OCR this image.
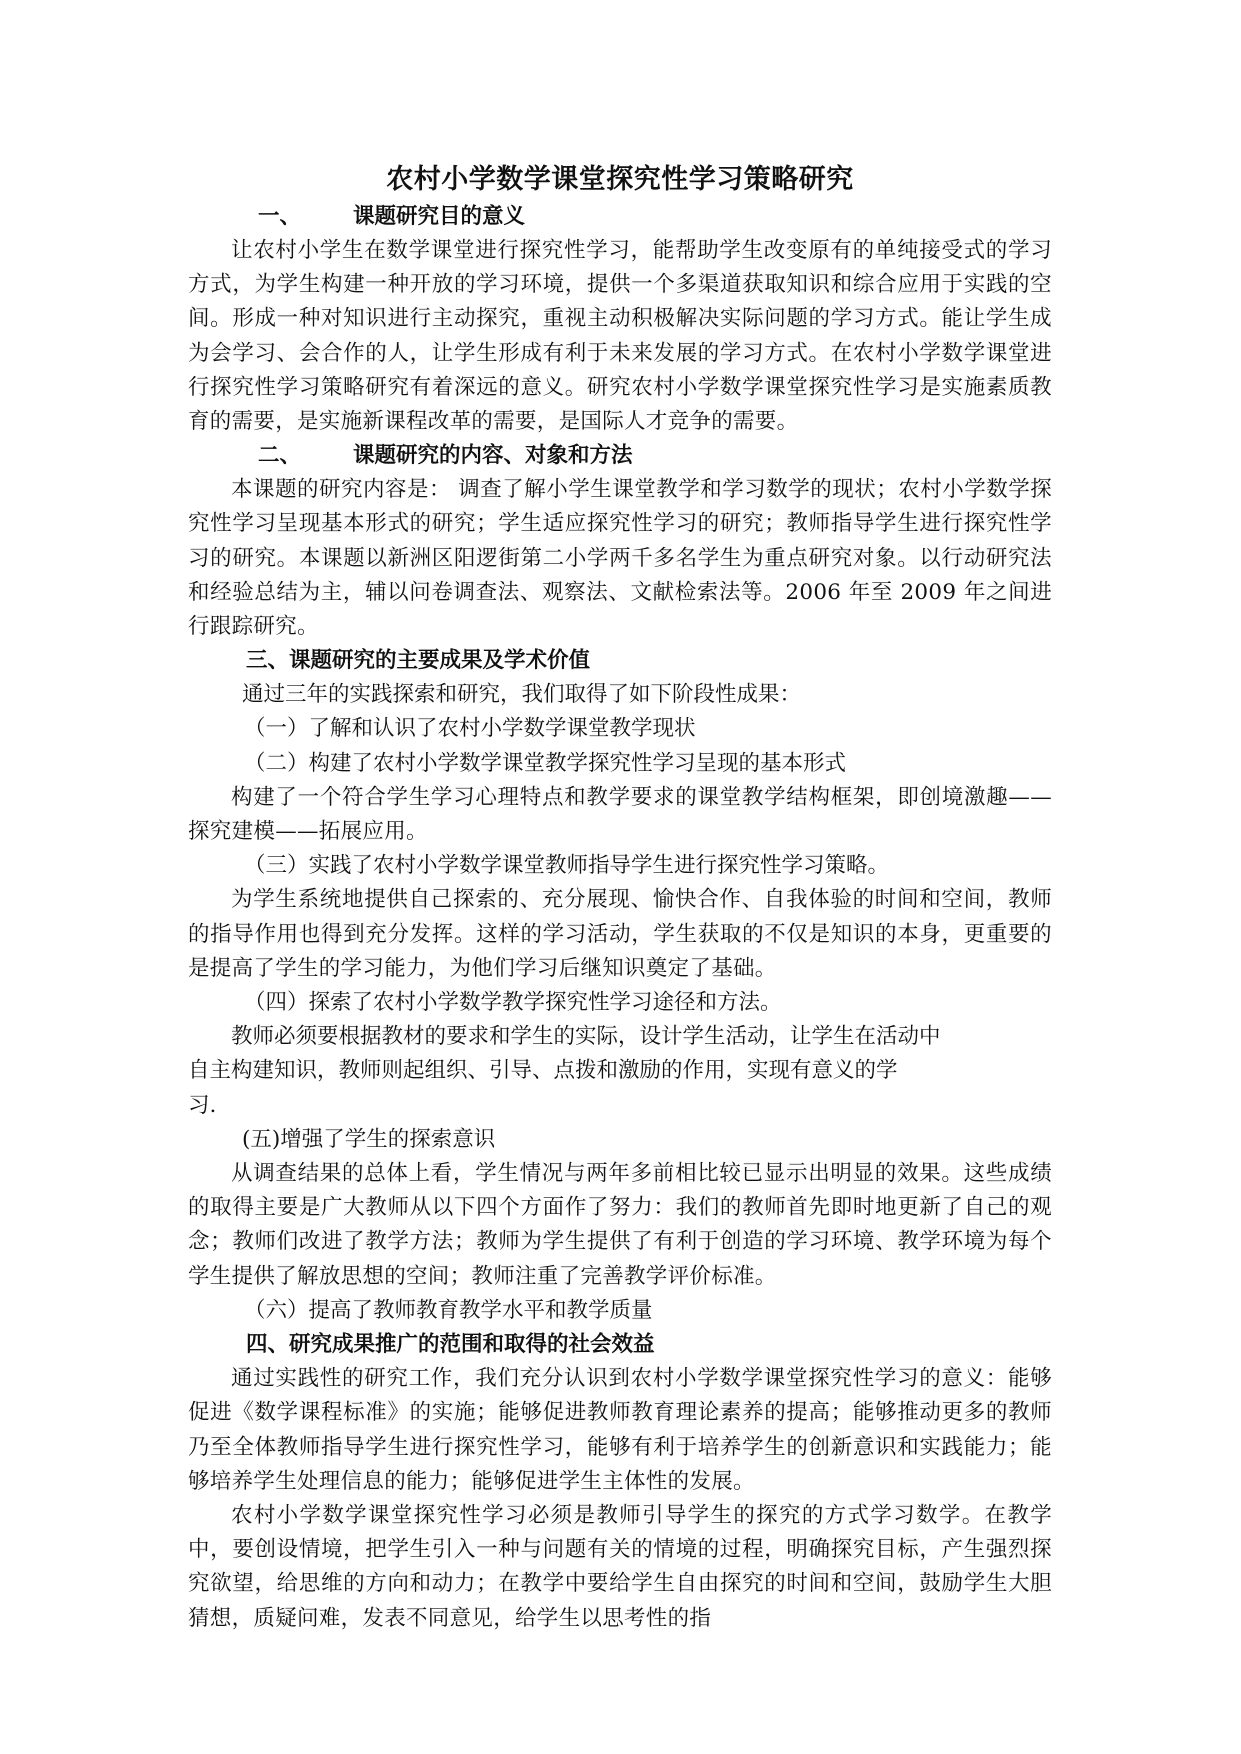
农村小学数学课堂探究性学习策略研究
一、 课题研究目的意义

让农村小学生在数学课堂进行探究性学习，能帮助学生改变原有的单纯接受式的学习方式，为学生构建一种开放的学习环境，提供一个多渠道获取知识和综合应用于实践的空间。形成一种对知识进行主动探究，重视主动积极解决实际问题的学习方式。能让学生成为会学习、会合作的人，让学生形成有利于未来发展的学习方式。在农村小学数学课堂进行探究性学习策略研究有着深远的意义。研究农村小学数学课堂探究性学习是实施素质教育的需要，是实施新课程改革的需要，是国际人才竞争的需要。

二、 课题研究的内容、对象和方法

本课题的研究内容是： 调查了解小学生课堂教学和学习数学的现状；农村小学数学探究性学习呈现基本形式的研究；学生适应探究性学习的研究；教师指导学生进行探究性学习的研究。本课题以新洲区阳逻街第二小学两千多名学生为重点研究对象。以行动研究法和经验总结为主，辅以问卷调查法、观察法、文献检索法等。2006 年至 2009 年之间进行跟踪研究。

三、课题研究的主要成果及学术价值

通过三年的实践探索和研究，我们取得了如下阶段性成果：

（一）了解和认识了农村小学数学课堂教学现状

（二）构建了农村小学数学课堂教学探究性学习呈现的基本形式

构建了一个符合学生学习心理特点和教学要求的课堂教学结构框架，即创境激趣——探究建模——拓展应用。

（三）实践了农村小学数学课堂教师指导学生进行探究性学习策略。

为学生系统地提供自己探索的、充分展现、愉快合作、自我体验的时间和空间，教师的指导作用也得到充分发挥。这样的学习活动，学生获取的不仅是知识的本身，更重要的是提高了学生的学习能力，为他们学习后继知识奠定了基础。

（四）探索了农村小学数学教学探究性学习途径和方法。

教师必须要根据教材的要求和学生的实际，设计学生活动，让学生在活动中

自主构建知识，教师则起组织、引导、点拨和激励的作用，实现有意义的学

习.

(五)增强了学生的探索意识

从调查结果的总体上看，学生情况与两年多前相比较已显示出明显的效果。这些成绩的取得主要是广大教师从以下四个方面作了努力：我们的教师首先即时地更新了自己的观念；教师们改进了教学方法；教师为学生提供了有利于创造的学习环境、教学环境为每个学生提供了解放思想的空间；教师注重了完善教学评价标准。

（六）提高了教师教育教学水平和教学质量

四、研究成果推广的范围和取得的社会效益

通过实践性的研究工作，我们充分认识到农村小学数学课堂探究性学习的意义：能够促进《数学课程标准》的实施；能够促进教师教育理论素养的提高；能够推动更多的教师乃至全体教师指导学生进行探究性学习，能够有利于培养学生的创新意识和实践能力；能够培养学生处理信息的能力；能够促进学生主体性的发展。

农村小学数学课堂探究性学习必须是教师引导学生的探究的方式学习数学。在教学中，要创设情境，把学生引入一种与问题有关的情境的过程，明确探究目标，产生强烈探究欲望，给思维的方向和动力；在教学中要给学生自由探究的时间和空间，鼓励学生大胆猜想，质疑问难，发表不同意见，给学生以思考性的指
